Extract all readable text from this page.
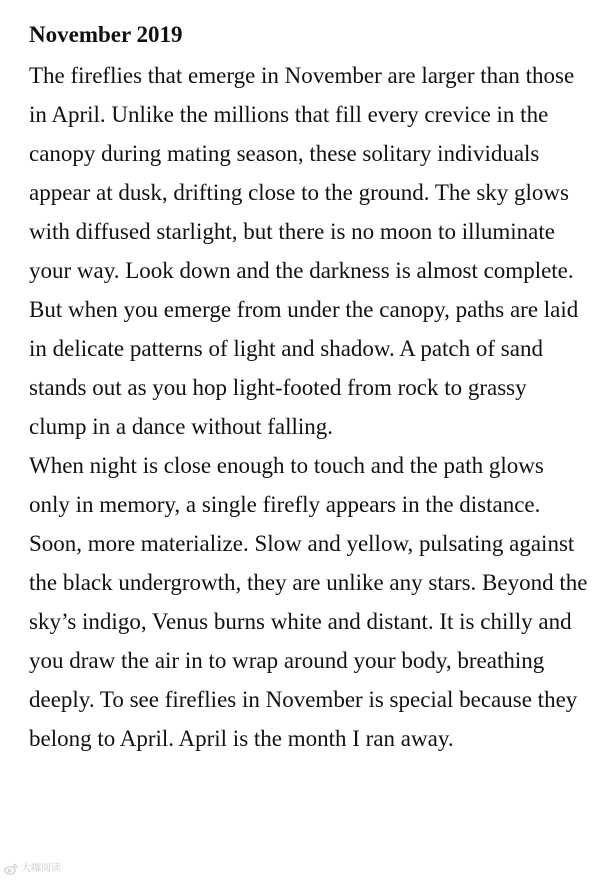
November 2019

The fireflies that emerge in November are larger than those in April. Unlike the millions that fill every crevice in the canopy during mating season, these solitary individuals appear at dusk, drifting close to the ground. The sky glows with diffused starlight, but there is no moon to illuminate your way. Look down and the darkness is almost complete. But when you emerge from under the canopy, paths are laid in delicate patterns of light and shadow. A patch of sand stands out as you hop light-footed from rock to grassy clump in a dance without falling.

When night is close enough to touch and the path glows only in memory, a single firefly appears in the distance. Soon, more materialize. Slow and yellow, pulsating against the black undergrowth, they are unlike any stars. Beyond the sky’s indigo, Venus burns white and distant. It is chilly and you draw the air in to wrap around your body, breathing deeply. To see fireflies in November is special because they belong to April. April is the month I ran away.

大咖阅读
